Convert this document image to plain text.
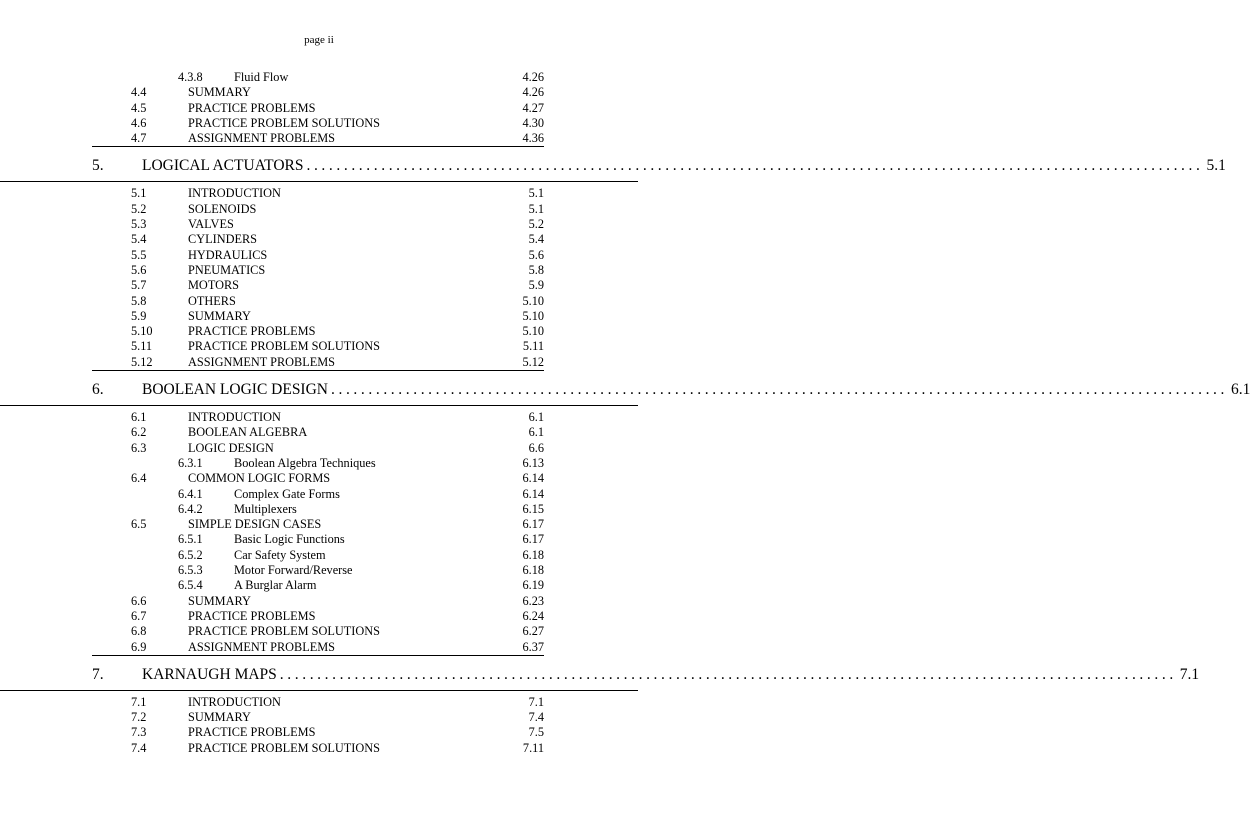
page ii
4.3.8	Fluid Flow	4.26
4.4	SUMMARY	4.26
4.5	PRACTICE PROBLEMS	4.27
4.6	PRACTICE PROBLEM SOLUTIONS	4.30
4.7	ASSIGNMENT PROBLEMS	4.36
5. LOGICAL ACTUATORS ........................................................................................................................ 5.1
5.1	INTRODUCTION	5.1
5.2	SOLENOIDS	5.1
5.3	VALVES	5.2
5.4	CYLINDERS	5.4
5.5	HYDRAULICS	5.6
5.6	PNEUMATICS	5.8
5.7	MOTORS	5.9
5.8	OTHERS	5.10
5.9	SUMMARY	5.10
5.10	PRACTICE PROBLEMS	5.10
5.11	PRACTICE PROBLEM SOLUTIONS	5.11
5.12	ASSIGNMENT PROBLEMS	5.12
6. BOOLEAN LOGIC DESIGN ........................................................................................................................ 6.1
6.1	INTRODUCTION	6.1
6.2	BOOLEAN ALGEBRA	6.1
6.3	LOGIC DESIGN	6.6
6.3.1	Boolean Algebra Techniques	6.13
6.4	COMMON LOGIC FORMS	6.14
6.4.1	Complex Gate Forms	6.14
6.4.2	Multiplexers	6.15
6.5	SIMPLE DESIGN CASES	6.17
6.5.1	Basic Logic Functions	6.17
6.5.2	Car Safety System	6.18
6.5.3	Motor Forward/Reverse	6.18
6.5.4	A Burglar Alarm	6.19
6.6	SUMMARY	6.23
6.7	PRACTICE PROBLEMS	6.24
6.8	PRACTICE PROBLEM SOLUTIONS	6.27
6.9	ASSIGNMENT PROBLEMS	6.37
7. KARNAUGH MAPS ........................................................................................................................ 7.1
7.1	INTRODUCTION	7.1
7.2	SUMMARY	7.4
7.3	PRACTICE PROBLEMS	7.5
7.4	PRACTICE PROBLEM SOLUTIONS	7.11
